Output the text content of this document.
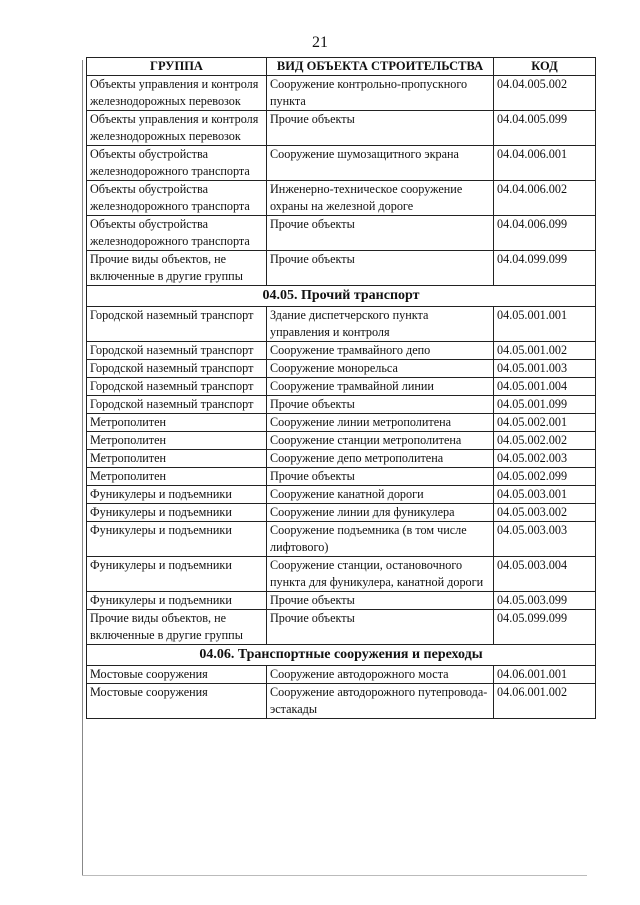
21
ГРУППА	ВИД ОБЪЕКТА СТРОИТЕЛЬСТВА	КОД
Объекты управления и контроля железнодорожных перевозок	Сооружение контрольно-пропускного пункта	04.04.005.002
Объекты управления и контроля железнодорожных перевозок	Прочие объекты	04.04.005.099
Объекты обустройства железнодорожного транспорта	Сооружение шумозащитного экрана	04.04.006.001
Объекты обустройства железнодорожного транспорта	Инженерно-техническое сооружение охраны на железной дороге	04.04.006.002
Объекты обустройства железнодорожного транспорта	Прочие объекты	04.04.006.099
Прочие виды объектов, не включенные в другие группы	Прочие объекты	04.04.099.099
04.05. Прочий транспорт		
Городской наземный транспорт	Здание диспетчерского пункта управления и контроля	04.05.001.001
Городской наземный транспорт	Сооружение трамвайного депо	04.05.001.002
Городской наземный транспорт	Сооружение монорельса	04.05.001.003
Городской наземный транспорт	Сооружение трамвайной линии	04.05.001.004
Городской наземный транспорт	Прочие объекты	04.05.001.099
Метрополитен	Сооружение линии метрополитена	04.05.002.001
Метрополитен	Сооружение станции метрополитена	04.05.002.002
Метрополитен	Сооружение депо метрополитена	04.05.002.003
Метрополитен	Прочие объекты	04.05.002.099
Фуникулеры и подъемники	Сооружение канатной дороги	04.05.003.001
Фуникулеры и подъемники	Сооружение линии для фуникулера	04.05.003.002
Фуникулеры и подъемники	Сооружение подъемника (в том числе лифтового)	04.05.003.003
Фуникулеры и подъемники	Сооружение станции, остановочного пункта для фуникулера, канатной дороги	04.05.003.004
Фуникулеры и подъемники	Прочие объекты	04.05.003.099
Прочие виды объектов, не включенные в другие группы	Прочие объекты	04.05.099.099
04.06. Транспортные сооружения и переходы		
Мостовые сооружения	Сооружение автодорожного моста	04.06.001.001
Мостовые сооружения	Сооружение автодорожного путепровода-эстакады	04.06.001.002
